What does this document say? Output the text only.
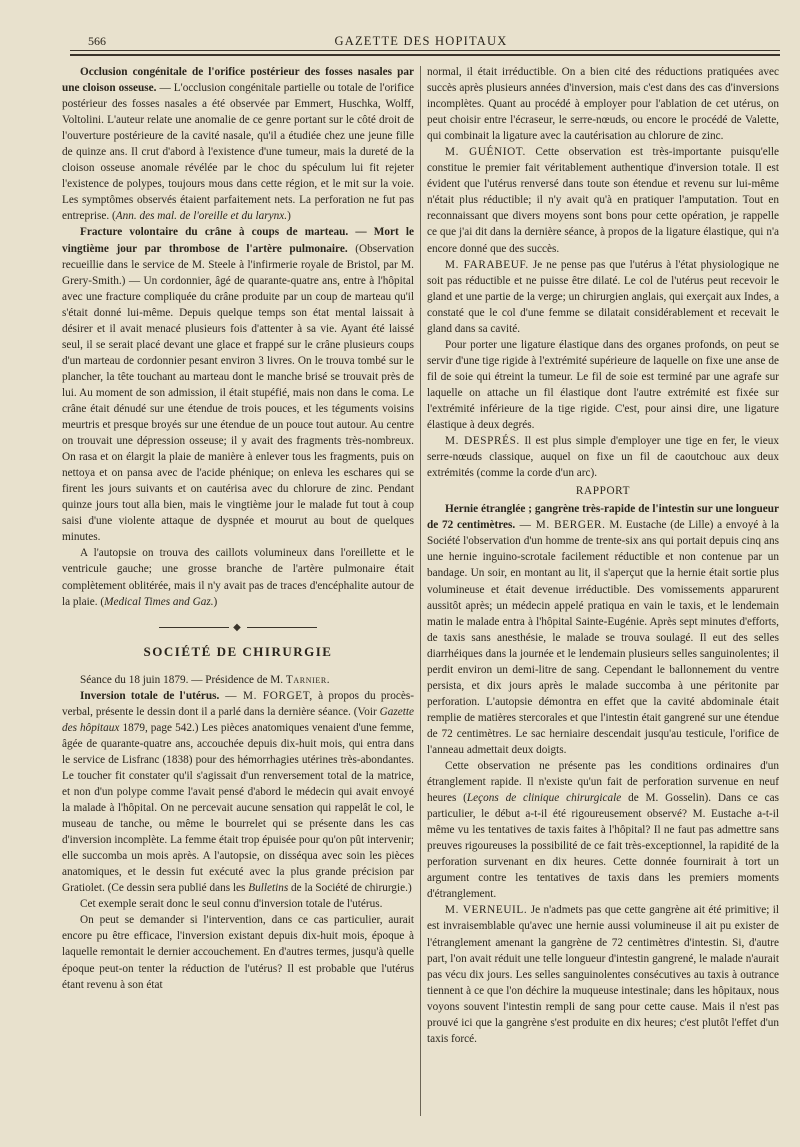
566	GAZETTE DES HOPITAUX

Occlusion congénitale de l'orifice postérieur des fosses nasales par une cloison osseuse. — L'occlusion congénitale partielle ou totale de l'orifice postérieur des fosses nasales a été observée par Emmert, Huschka, Wolff, Voltolini. L'auteur relate une anomalie de ce genre portant sur le côté droit de l'ouverture postérieure de la cavité nasale, qu'il a étudiée chez une jeune fille de quinze ans. Il crut d'abord à l'existence d'une tumeur, mais la dureté de la cloison osseuse anomale révélée par le choc du spéculum lui fit rejeter l'existence de polypes, toujours mous dans cette région, et le mit sur la voie. Les symptômes observés étaient parfaitement nets. La perforation ne fut pas entreprise. (Ann. des mal. de l'oreille et du larynx.)

Fracture volontaire du crâne à coups de marteau. — Mort le vingtième jour par thrombose de l'artère pulmonaire. (Observation recueillie dans le service de M. Steele à l'infirmerie royale de Bristol, par M. Grery-Smith.) — Un cordonnier, âgé de quarante-quatre ans, entre à l'hôpital avec une fracture compliquée du crâne produite par un coup de marteau qu'il s'était donné lui-même. Depuis quelque temps son état mental laissait à désirer et il avait menacé plusieurs fois d'attenter à sa vie. Ayant été laissé seul, il se serait placé devant une glace et frappé sur le crâne plusieurs coups d'un marteau de cordonnier pesant environ 3 livres. On le trouva tombé sur le plancher, la tête touchant au marteau dont le manche brisé se trouvait près de lui. Au moment de son admission, il était stupéfié, mais non dans le coma. Le crâne était dénudé sur une étendue de trois pouces, et les téguments voisins meurtris et presque broyés sur une étendue de un pouce tout autour. Au centre on trouvait une dépression osseuse; il y avait des fragments très-nombreux. On rasa et on élargit la plaie de manière à enlever tous les fragments, puis on nettoya et on pansa avec de l'acide phénique; on enleva les eschares qui se firent les jours suivants et on cautérisa avec du chlorure de zinc. Pendant quinze jours tout alla bien, mais le vingtième jour le malade fut tout à coup saisi d'une violente attaque de dyspnée et mourut au bout de quelques minutes.

A l'autopsie on trouva des caillots volumineux dans l'oreillette et le ventricule gauche; une grosse branche de l'artère pulmonaire était complètement oblitérée, mais il n'y avait pas de traces d'encéphalite autour de la plaie. (Medical Times and Gaz.)

◆
SOCIÉTÉ DE CHIRURGIE

Séance du 18 juin 1879. — Présidence de M. Tarnier.

Inversion totale de l'utérus. — M. FORGET, à propos du procès-verbal, présente le dessin dont il a parlé dans la dernière séance. (Voir Gazette des hôpitaux 1879, page 542.) Les pièces anatomiques venaient d'une femme, âgée de quarante-quatre ans, accouchée depuis dix-huit mois, qui entra dans le service de Lisfranc (1838) pour des hémorrhagies utérines très-abondantes. Le toucher fit constater qu'il s'agissait d'un renversement total de la matrice, et non d'un polype comme l'avait pensé d'abord le médecin qui avait envoyé la malade à l'hôpital. On ne percevait aucune sensation qui rappelât le col, le museau de tanche, ou même le bourrelet qui se présente dans les cas d'inversion incomplète. La femme était trop épuisée pour qu'on pût intervenir; elle succomba un mois après. A l'autopsie, on disséqua avec soin les pièces anatomiques, et le dessin fut exécuté avec la plus grande précision par Gratiolet. (Ce dessin sera publié dans les Bulletins de la Société de chirurgie.)

Cet exemple serait donc le seul connu d'inversion totale de l'utérus.

On peut se demander si l'intervention, dans ce cas particulier, aurait encore pu être efficace, l'inversion existant depuis dix-huit mois, époque à laquelle remontait le dernier accouchement. En d'autres termes, jusqu'à quelle époque peut-on tenter la réduction de l'utérus? Il est probable que l'utérus étant revenu à son état

normal, il était irréductible. On a bien cité des réductions pratiquées avec succès après plusieurs années d'inversion, mais c'est dans des cas d'inversions incomplètes. Quant au procédé à employer pour l'ablation de cet utérus, on peut choisir entre l'écraseur, le serre-nœuds, ou encore le procédé de Valette, qui combinait la ligature avec la cautérisation au chlorure de zinc.

M. GUÉNIOT. Cette observation est très-importante puisqu'elle constitue le premier fait véritablement authentique d'inversion totale. Il est évident que l'utérus renversé dans toute son étendue et revenu sur lui-même n'était plus réductible; il n'y avait qu'à en pratiquer l'amputation. Tout en reconnaissant que divers moyens sont bons pour cette opération, je rappelle ce que j'ai dit dans la dernière séance, à propos de la ligature élastique, qui n'a encore donné que des succès.

M. FARABEUF. Je ne pense pas que l'utérus à l'état physiologique ne soit pas réductible et ne puisse être dilaté. Le col de l'utérus peut recevoir le gland et une partie de la verge; un chirurgien anglais, qui exerçait aux Indes, a constaté que le col d'une femme se dilatait considérablement et recevait le gland dans sa cavité.

Pour porter une ligature élastique dans des organes profonds, on peut se servir d'une tige rigide à l'extrémité supérieure de laquelle on fixe une anse de fil de soie qui étreint la tumeur. Le fil de soie est terminé par une agrafe sur laquelle on attache un fil élastique dont l'autre extrémité est fixée sur l'extrémité inférieure de la tige rigide. C'est, pour ainsi dire, une ligature élastique à deux degrés.

M. DESPRÉS. Il est plus simple d'employer une tige en fer, le vieux serre-nœuds classique, auquel on fixe un fil de caoutchouc aux deux extrémités (comme la corde d'un arc).

RAPPORT

Hernie étranglée ; gangrène très-rapide de l'intestin sur une longueur de 72 centimètres. — M. BERGER. M. Eustache (de Lille) a envoyé à la Société l'observation d'un homme de trente-six ans qui portait depuis cinq ans une hernie inguino-scrotale facilement réductible et non contenue par un bandage. Un soir, en montant au lit, il s'aperçut que la hernie était sortie plus volumineuse et était devenue irréductible. Des vomissements apparurent aussitôt après; un médecin appelé pratiqua en vain le taxis, et le lendemain matin le malade entra à l'hôpital Sainte-Eugénie. Après sept minutes d'efforts, de taxis sans anesthésie, le malade se trouva soulagé. Il eut des selles diarrhéiques dans la journée et le lendemain plusieurs selles sanguinolentes; il perdit environ un demi-litre de sang. Cependant le ballonnement du ventre persista, et dix jours après le malade succomba à une péritonite par perforation. L'autopsie démontra en effet que la cavité abdominale était remplie de matières stercorales et que l'intestin était gangrené sur une étendue de 72 centimètres. Le sac herniaire descendait jusqu'au testicule, l'orifice de l'anneau admettait deux doigts.

Cette observation ne présente pas les conditions ordinaires d'un étranglement rapide. Il n'existe qu'un fait de perforation survenue en neuf heures (Leçons de clinique chirurgicale de M. Gosselin). Dans ce cas particulier, le début a-t-il été rigoureusement observé? M. Eustache a-t-il même vu les tentatives de taxis faites à l'hôpital? Il ne faut pas admettre sans preuves rigoureuses la possibilité de ce fait très-exceptionnel, la rapidité de la perforation survenant en dix heures. Cette donnée fournirait à tort un argument contre les tentatives de taxis dans les premiers moments d'étranglement.

M. VERNEUIL. Je n'admets pas que cette gangrène ait été primitive; il est invraisemblable qu'avec une hernie aussi volumineuse il ait pu exister de l'étranglement amenant la gangrène de 72 centimètres d'intestin. Si, d'autre part, l'on avait réduit une telle longueur d'intestin gangrené, le malade n'aurait pas vécu dix jours. Les selles sanguinolentes consécutives au taxis à outrance tiennent à ce que l'on déchire la muqueuse intestinale; dans les hôpitaux, nous voyons souvent l'intestin rempli de sang pour cette cause. Mais il n'est pas prouvé ici que la gangrène s'est produite en dix heures; c'est plutôt l'effet d'un taxis forcé.
